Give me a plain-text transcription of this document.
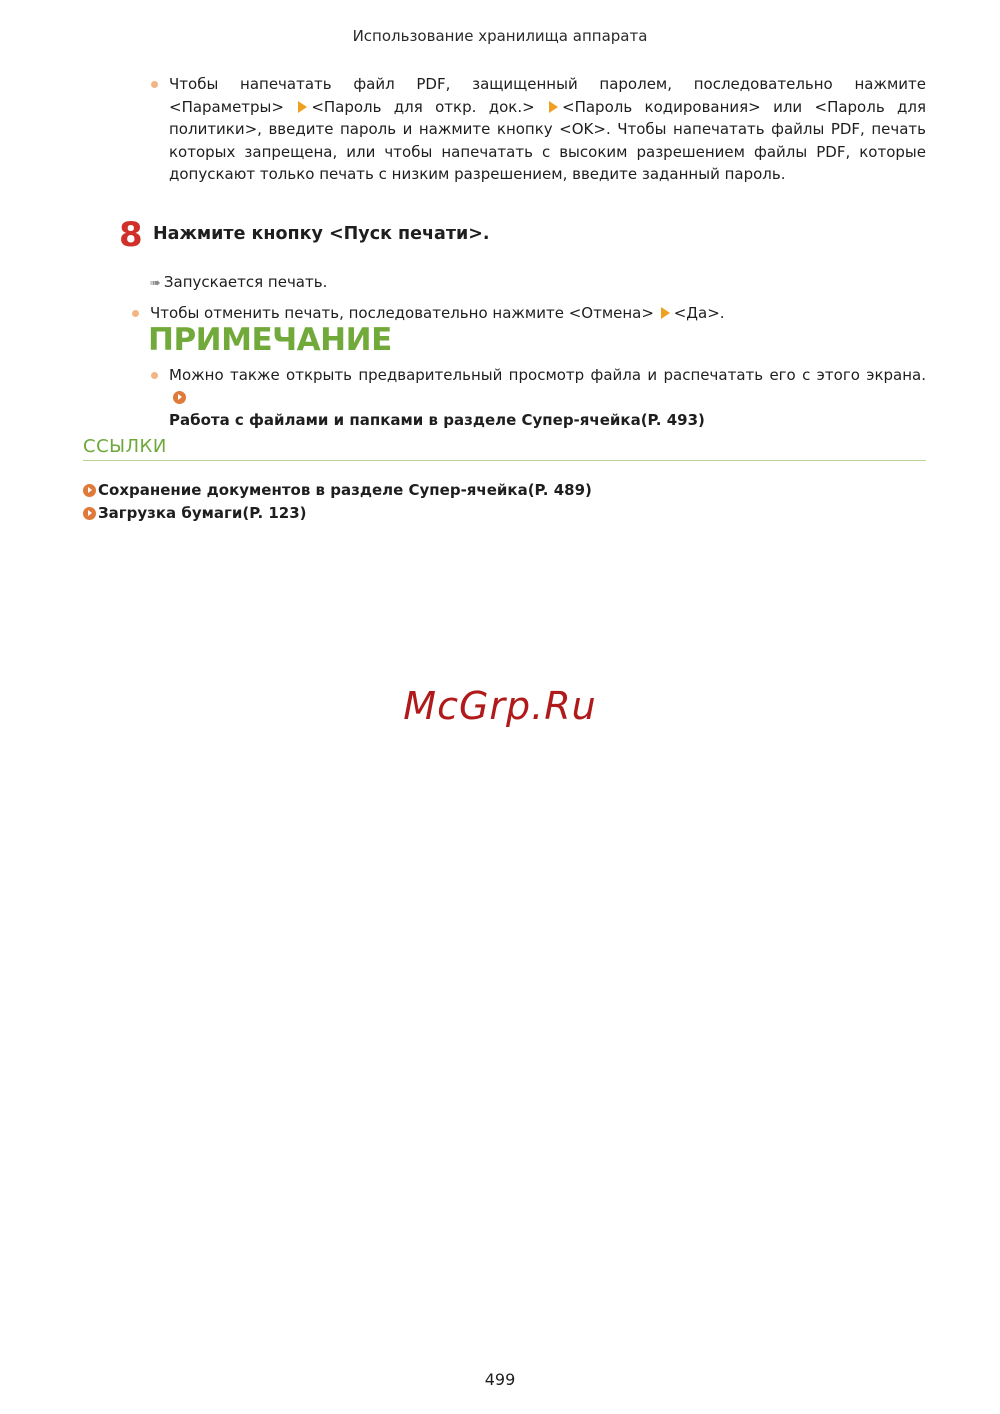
Использование хранилища аппарата
Чтобы напечатать файл PDF, защищенный паролем, последовательно нажмите <Параметры> <Пароль для откр. док.> <Пароль кодирования> или <Пароль для политики>, введите пароль и нажмите кнопку <OK>. Чтобы напечатать файлы PDF, печать которых запрещена, или чтобы напечатать с высоким разрешением файлы PDF, которые допускают только печать с низким разрешением, введите заданный пароль.
8 Нажмите кнопку <Пуск печати>.
➠ Запускается печать.
Чтобы отменить печать, последовательно нажмите <Отмена> <Да>.
ПРИМЕЧАНИЕ
Можно также открыть предварительный просмотр файла и распечатать его с этого экрана.
Работа с файлами и папками в разделе Супер-ячейка(P. 493)
ССЫЛКИ
Сохранение документов в разделе Супер-ячейка(P. 489)
Загрузка бумаги(P. 123)
McGrp.Ru
499
